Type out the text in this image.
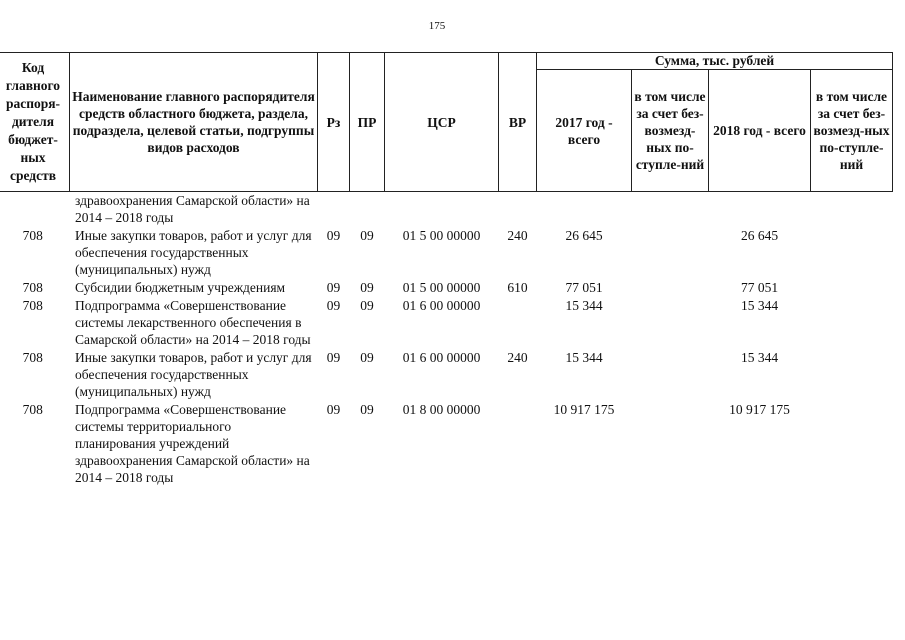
175
Код главного распоря-дителя бюджет-ных средств	Наименование главного распорядителя средств областного бюджета, раздела, подраздела, целевой статьи, подгруппы видов расходов	Рз	ПР	ЦСР	ВР	Сумма, тыс. рублей			
						2017 год - всего	в том числе за счет без-возмезд-ных по-ступле-ний	2018 год - всего	в том числе за счет без-возмезд-ных по-ступле-ний
	здравоохранения Самарской области» на 2014 – 2018 годы								
708	Иные закупки товаров, работ и услуг для обеспечения государственных (муниципальных) нужд	09	09	01 5 00 00000	240	26 645		26 645	
708	Субсидии бюджетным учреждениям	09	09	01 5 00 00000	610	77 051		77 051	
708	Подпрограмма «Совершенствование системы лекарственного обеспечения в Самарской области» на 2014 – 2018 годы	09	09	01 6 00 00000		15 344		15 344	
708	Иные закупки товаров, работ и услуг для обеспечения государственных (муниципальных) нужд	09	09	01 6 00 00000	240	15 344		15 344	
708	Подпрограмма «Совершенствование системы территориального планирования учреждений здравоохранения Самарской области» на 2014 – 2018 годы	09	09	01 8 00 00000		10 917 175		10 917 175	
